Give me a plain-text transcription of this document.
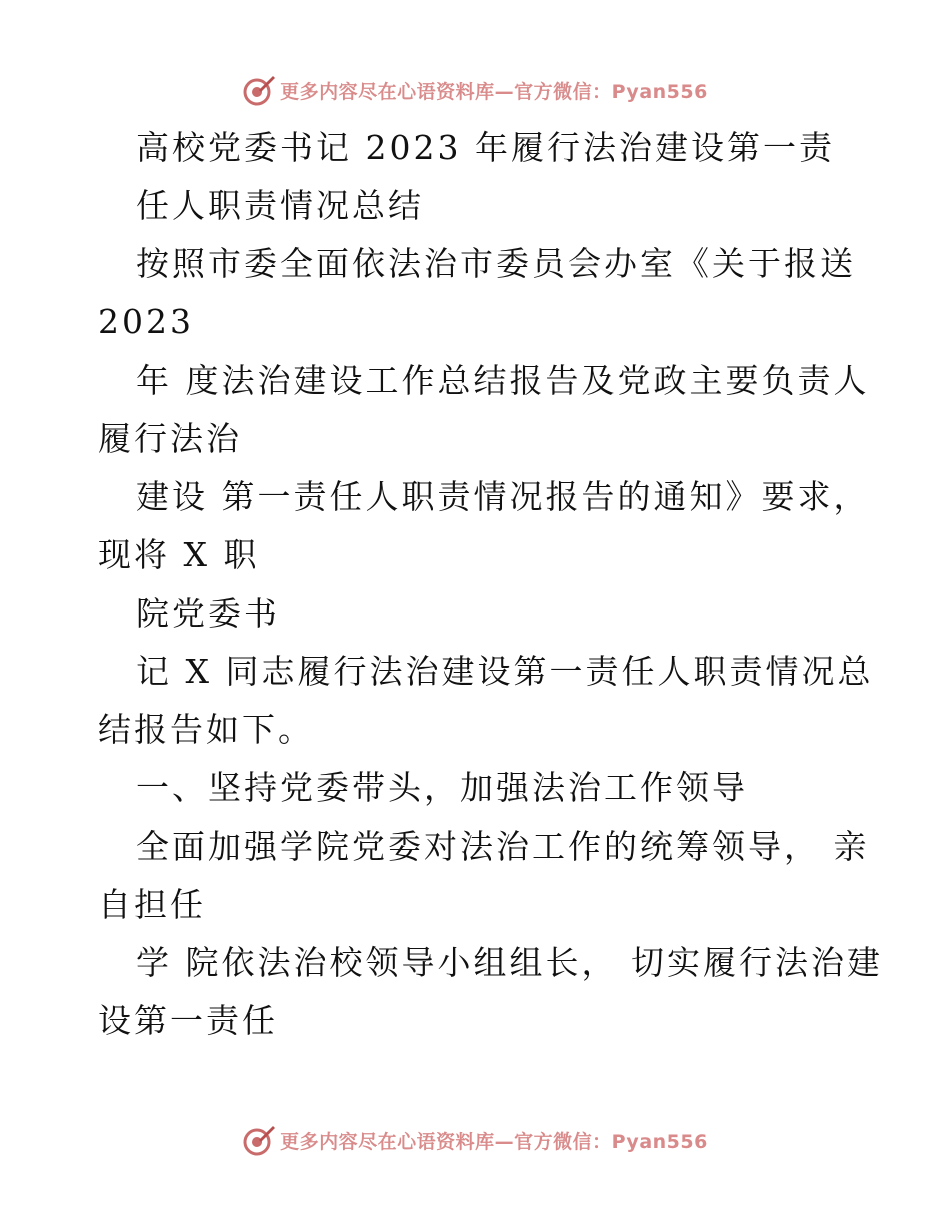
更多内容尽在心语资料库—官方微信：Pyan556
高校党委书记 2023 年履行法治建设第一责
任人职责情况总结
按照市委全面依法治市委员会办室《关于报送
2023
年 度法治建设工作总结报告及党政主要负责人
履行法治
建设 第一责任人职责情况报告的通知》要求，
现将 X 职
院党委书
记 X 同志履行法治建设第一责任人职责情况总
结报告如下。
一、坚持党委带头，加强法治工作领导
全面加强学院党委对法治工作的统筹领导， 亲
自担任
学 院依法治校领导小组组长， 切实履行法治建
设第一责任
更多内容尽在心语资料库—官方微信：Pyan556
